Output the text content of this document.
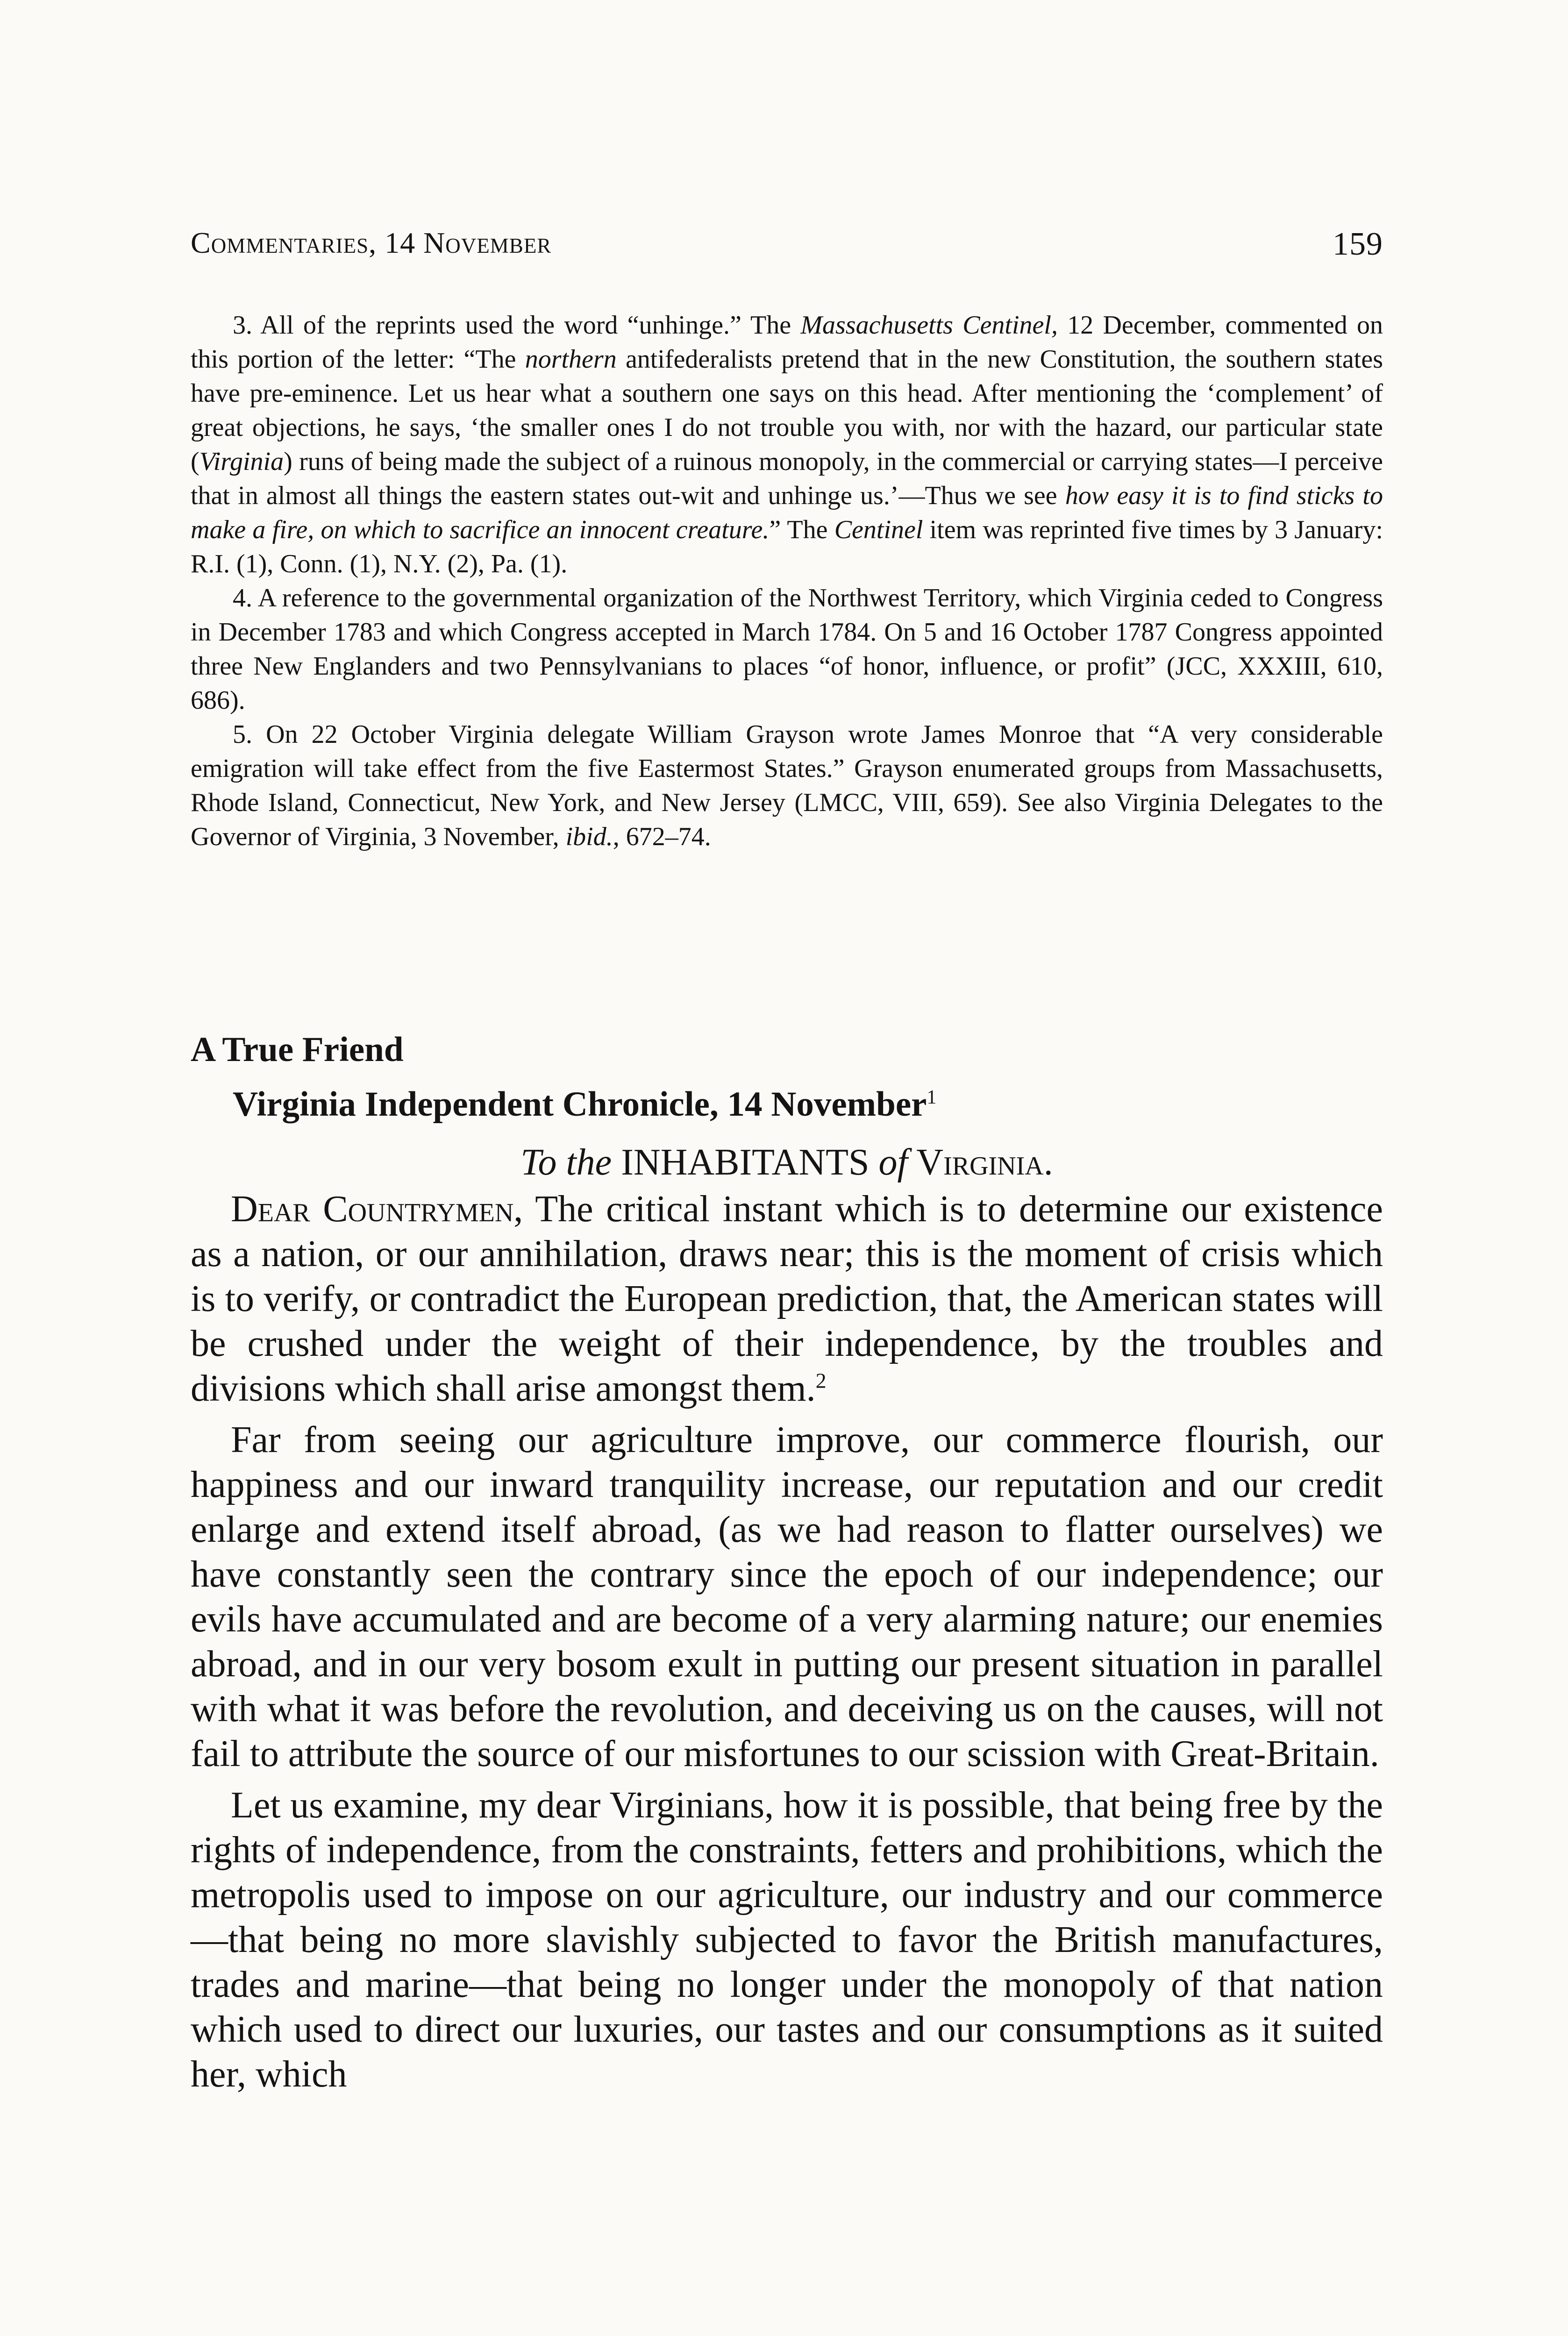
Commentaries, 14 November	159

3. All of the reprints used the word “unhinge.” The Massachusetts Centinel, 12 December, commented on this portion of the letter: “The northern antifederalists pretend that in the new Constitution, the southern states have pre-eminence. Let us hear what a southern one says on this head. After mentioning the ‘complement’ of great objections, he says, ‘the smaller ones I do not trouble you with, nor with the hazard, our particular state (Virginia) runs of being made the subject of a ruinous monopoly, in the commercial or carrying states—I perceive that in almost all things the eastern states out-wit and unhinge us.’—Thus we see how easy it is to find sticks to make a fire, on which to sacrifice an innocent creature.” The Centinel item was reprinted five times by 3 January: R.I. (1), Conn. (1), N.Y. (2), Pa. (1).

4. A reference to the governmental organization of the Northwest Territory, which Virginia ceded to Congress in December 1783 and which Congress accepted in March 1784. On 5 and 16 October 1787 Congress appointed three New Englanders and two Pennsylvanians to places “of honor, influence, or profit” (JCC, XXXIII, 610, 686).

5. On 22 October Virginia delegate William Grayson wrote James Monroe that “A very considerable emigration will take effect from the five Eastermost States.” Grayson enumerated groups from Massachusetts, Rhode Island, Connecticut, New York, and New Jersey (LMCC, VIII, 659). See also Virginia Delegates to the Governor of Virginia, 3 November, ibid., 672–74.

A True Friend
Virginia Independent Chronicle, 14 November$^1$
To the INHABITANTS of Virginia.

Dear Countrymen, The critical instant which is to determine our existence as a nation, or our annihilation, draws near; this is the moment of crisis which is to verify, or contradict the European prediction, that, the American states will be crushed under the weight of their independence, by the troubles and divisions which shall arise amongst them.$^2$

Far from seeing our agriculture improve, our commerce flourish, our happiness and our inward tranquility increase, our reputation and our credit enlarge and extend itself abroad, (as we had reason to flatter ourselves) we have constantly seen the contrary since the epoch of our independence; our evils have accumulated and are become of a very alarming nature; our enemies abroad, and in our very bosom exult in putting our present situation in parallel with what it was before the revolution, and deceiving us on the causes, will not fail to attribute the source of our misfortunes to our scission with Great-Britain.

Let us examine, my dear Virginians, how it is possible, that being free by the rights of independence, from the constraints, fetters and prohibitions, which the metropolis used to impose on our agriculture, our industry and our commerce—that being no more slavishly subjected to favor the British manufactures, trades and marine—that being no longer under the monopoly of that nation which used to direct our luxuries, our tastes and our consumptions as it suited her, which
